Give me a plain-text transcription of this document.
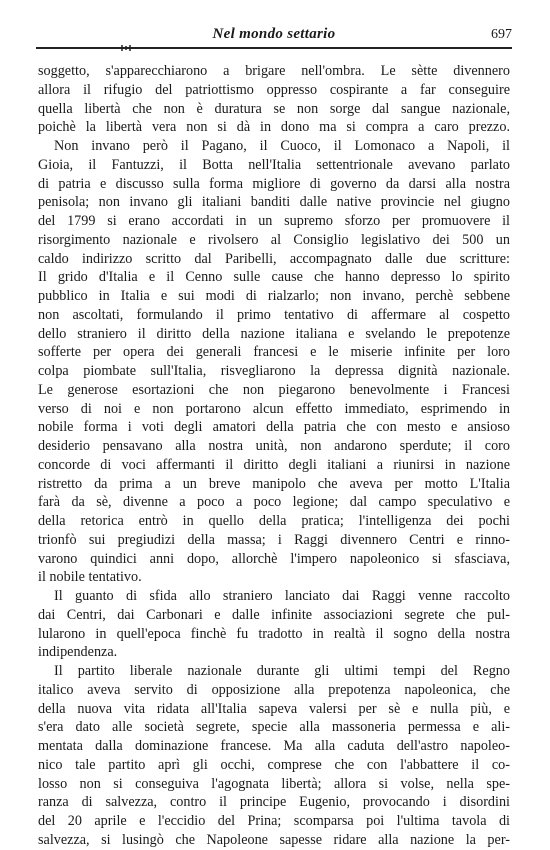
Nel mondo settario	697
soggetto, s'apparecchiarono a brigare nell'ombra. Le sètte divennero
allora il rifugio del patriottismo oppresso cospirante a far conseguire
quella libertà che non è duratura se non sorge dal sangue nazionale,
poichè la libertà vera non si dà in dono ma si compra a caro prezzo.
Non invano però il Pagano, il Cuoco, il Lomonaco a Napoli, il
Gioia, il Fantuzzi, il Botta nell'Italia settentrionale avevano parlato
di patria e discusso sulla forma migliore di governo da darsi alla nostra
penisola; non invano gli italiani banditi dalle native provincie nel giugno
del 1799 si erano accordati in un supremo sforzo per promuovere il
risorgimento nazionale e rivolsero al Consiglio legislativo dei 500 un
caldo indirizzo scritto dal Paribelli, accompagnato dalle due scritture:
Il grido d'Italia e il Cenno sulle cause che hanno depresso lo spirito
pubblico in Italia e sui modi di rialzarlo; non invano, perchè sebbene
non ascoltati, formulando il primo tentativo di affermare al cospetto
dello straniero il diritto della nazione italiana e svelando le prepotenze
sofferte per opera dei generali francesi e le miserie infinite per loro
colpa piombate sull'Italia, risvegliarono la depressa dignità nazionale.
Le generose esortazioni che non piegarono benevolmente i Francesi
verso di noi e non portarono alcun effetto immediato, esprimendo in
nobile forma i voti degli amatori della patria che con mesto e ansioso
desiderio pensavano alla nostra unità, non andarono sperdute; il coro
concorde di voci affermanti il diritto degli italiani a riunirsi in nazione
ristretto da prima a un breve manipolo che aveva per motto L'Italia
farà da sè, divenne a poco a poco legione; dal campo speculativo e
della retorica entrò in quello della pratica; l'intelligenza dei pochi
trionfò sui pregiudizi della massa; i Raggi divennero Centri e rinno-
varono quindici anni dopo, allorchè l'impero napoleonico si sfasciava,
il nobile tentativo.
Il guanto di sfida allo straniero lanciato dai Raggi venne raccolto
dai Centri, dai Carbonari e dalle infinite associazioni segrete che pul-
lularono in quell'epoca finchè fu tradotto in realtà il sogno della nostra
indipendenza.
Il partito liberale nazionale durante gli ultimi tempi del Regno
italico aveva servito di opposizione alla prepotenza napoleonica, che
della nuova vita ridata all'Italia sapeva valersi per sè e nulla più, e
s'era dato alle società segrete, specie alla massoneria permessa e ali-
mentata dalla dominazione francese. Ma alla caduta dell'astro napoleo-
nico tale partito aprì gli occhi, comprese che con l'abbattere il co-
losso non si conseguiva l'agognata libertà; allora si volse, nella spe-
ranza di salvezza, contro il principe Eugenio, provocando i disordini
del 20 aprile e l'eccidio del Prina; scomparsa poi l'ultima tavola di
salvezza, si lusingò che Napoleone sapesse ridare alla nazione la per-
